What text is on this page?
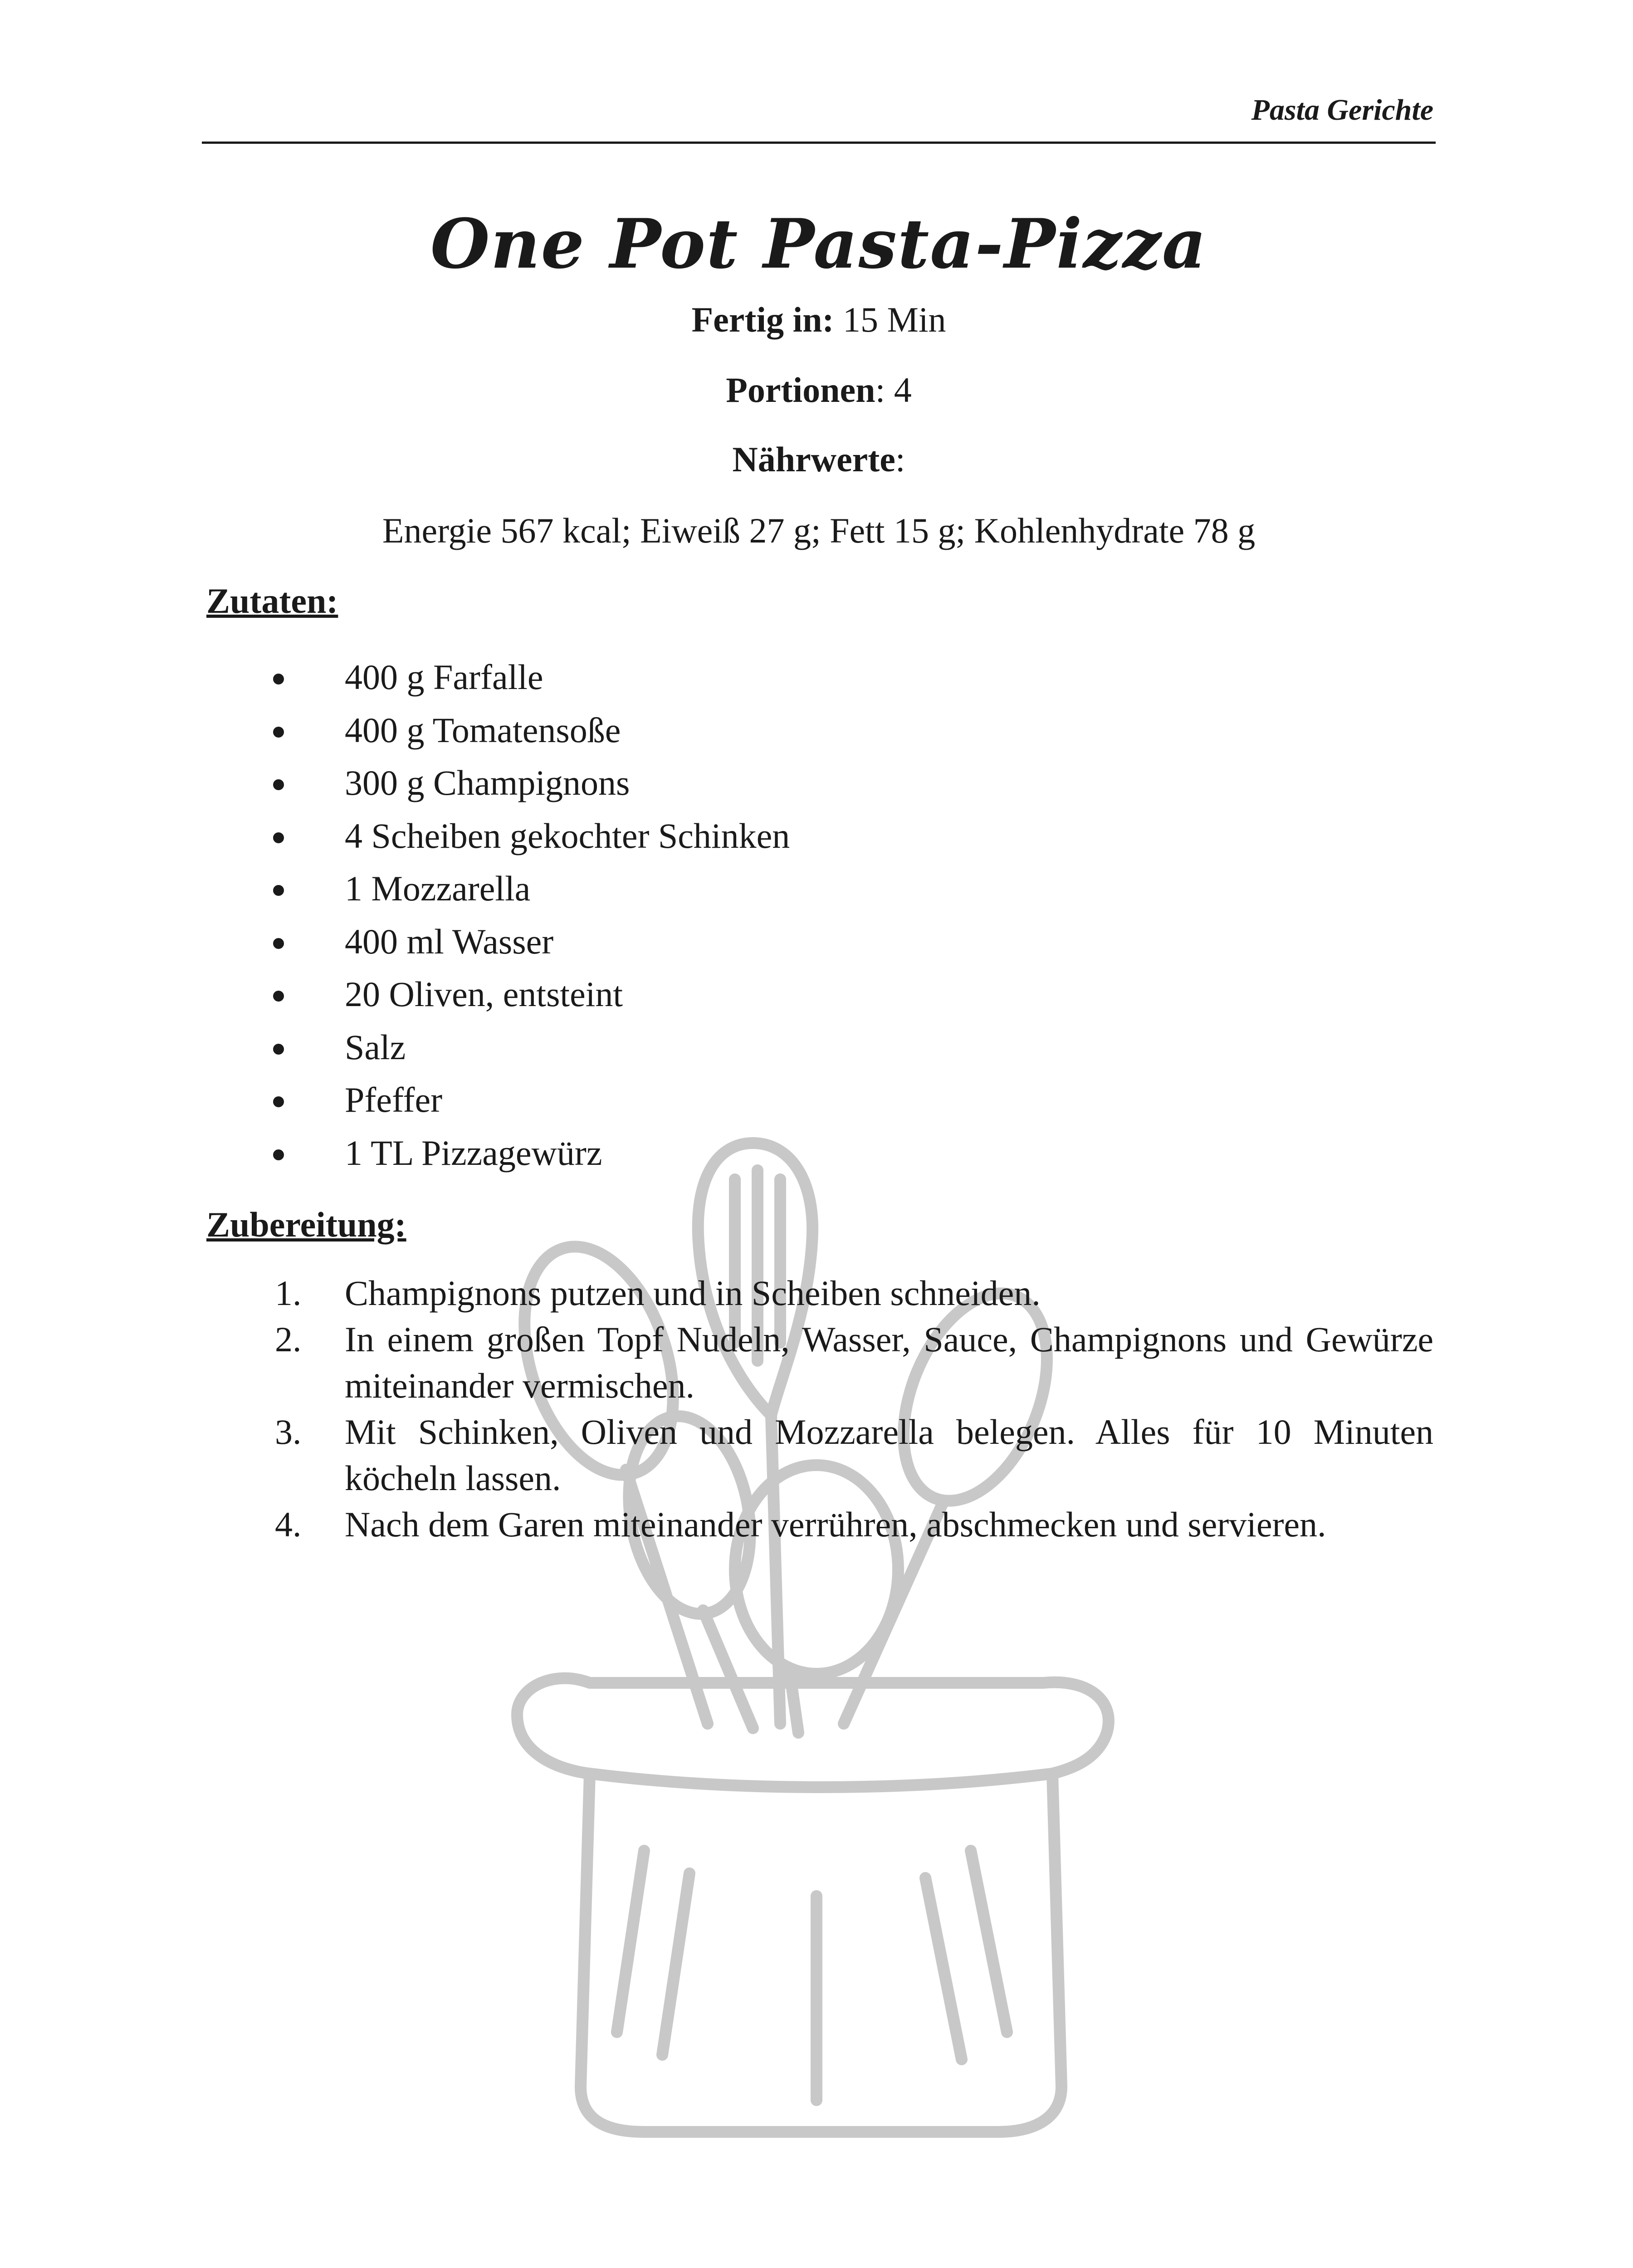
Pasta Gerichte
One Pot Pasta-Pizza
Fertig in: 15 Min
Portionen: 4
Nährwerte:
Energie 567 kcal; Eiweiß 27 g; Fett 15 g; Kohlenhydrate 78 g
Zutaten:
400 g Farfalle
400 g Tomatensoße
300 g Champignons
4 Scheiben gekochter Schinken
1 Mozzarella
400 ml Wasser
20 Oliven, entsteint
Salz
Pfeffer
1 TL Pizzagewürz
Zubereitung:
1. Champignons putzen und in Scheiben schneiden.
2. In einem großen Topf Nudeln, Wasser, Sauce, Champignons und Gewürze miteinander vermischen.
3. Mit Schinken, Oliven und Mozzarella belegen. Alles für 10 Minuten köcheln lassen.
4. Nach dem Garen miteinander verrühren, abschmecken und servieren.
